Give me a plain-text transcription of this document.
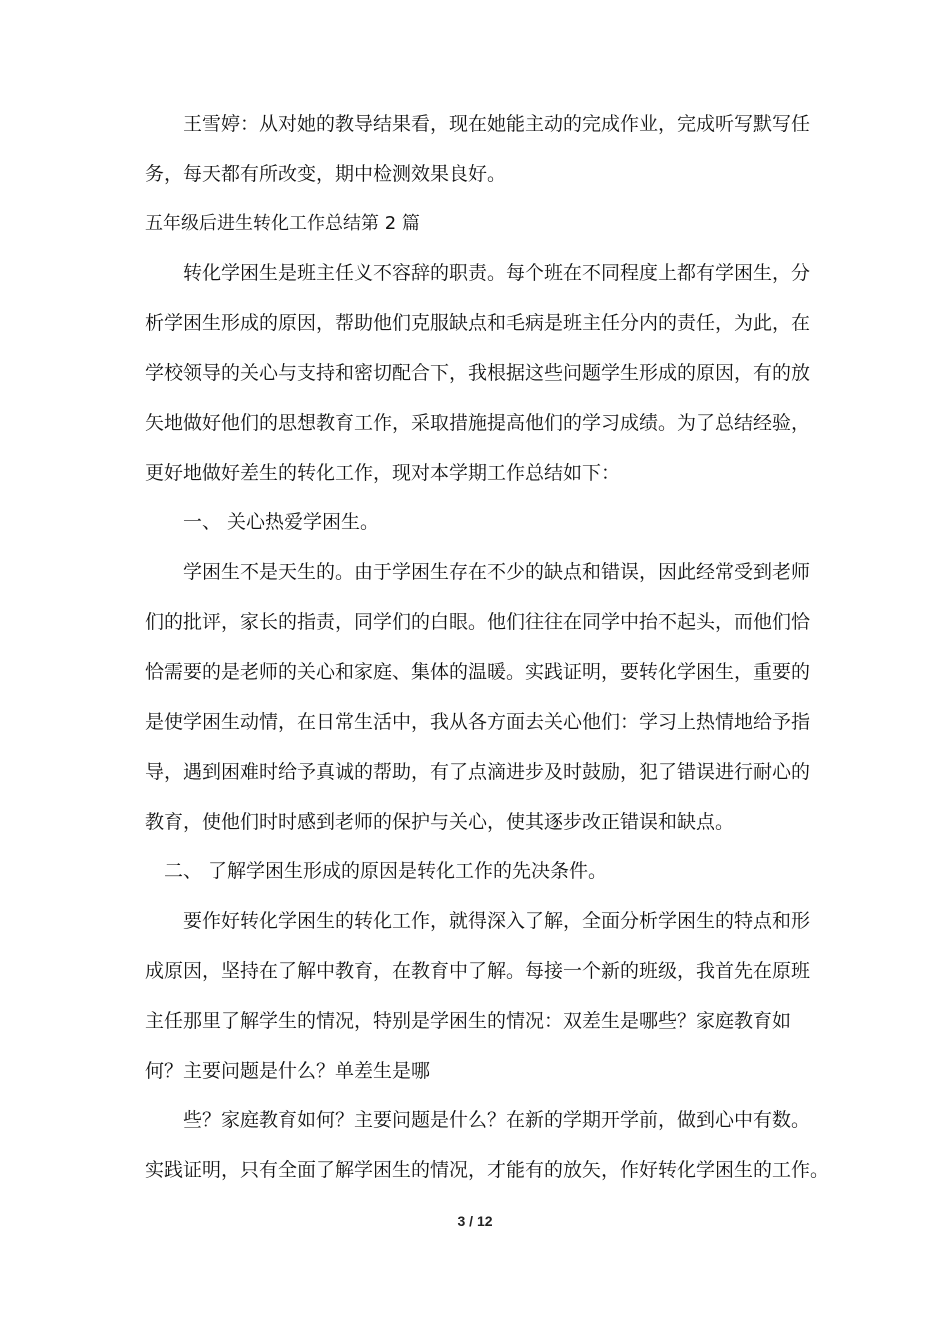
　　王雪婷：从对她的教导结果看，现在她能主动的完成作业，完成听写默写任
务，每天都有所改变，期中检测效果良好。
五年级后进生转化工作总结第 2 篇
　　转化学困生是班主任义不容辞的职责。每个班在不同程度上都有学困生，分
析学困生形成的原因，帮助他们克服缺点和毛病是班主任分内的责任，为此，在
学校领导的关心与支持和密切配合下，我根据这些问题学生形成的原因，有的放
矢地做好他们的思想教育工作，采取措施提高他们的学习成绩。为了总结经验，
更好地做好差生的转化工作，现对本学期工作总结如下：
　　一、 关心热爱学困生。
　　学困生不是天生的。由于学困生存在不少的缺点和错误，因此经常受到老师
们的批评，家长的指责，同学们的白眼。他们往往在同学中抬不起头，而他们恰
恰需要的是老师的关心和家庭、集体的温暖。实践证明，要转化学困生，重要的
是使学困生动情，在日常生活中，我从各方面去关心他们：学习上热情地给予指
导，遇到困难时给予真诚的帮助，有了点滴进步及时鼓励，犯了错误进行耐心的
教育，使他们时时感到老师的保护与关心，使其逐步改正错误和缺点。
　二、 了解学困生形成的原因是转化工作的先决条件。
　　要作好转化学困生的转化工作，就得深入了解，全面分析学困生的特点和形
成原因，坚持在了解中教育，在教育中了解。每接一个新的班级，我首先在原班
主任那里了解学生的情况，特别是学困生的情况：双差生是哪些？家庭教育如
何？主要问题是什么？单差生是哪
　　些？家庭教育如何？主要问题是什么？在新的学期开学前，做到心中有数。
实践证明，只有全面了解学困生的情况，才能有的放矢，作好转化学困生的工作。
3 / 12
